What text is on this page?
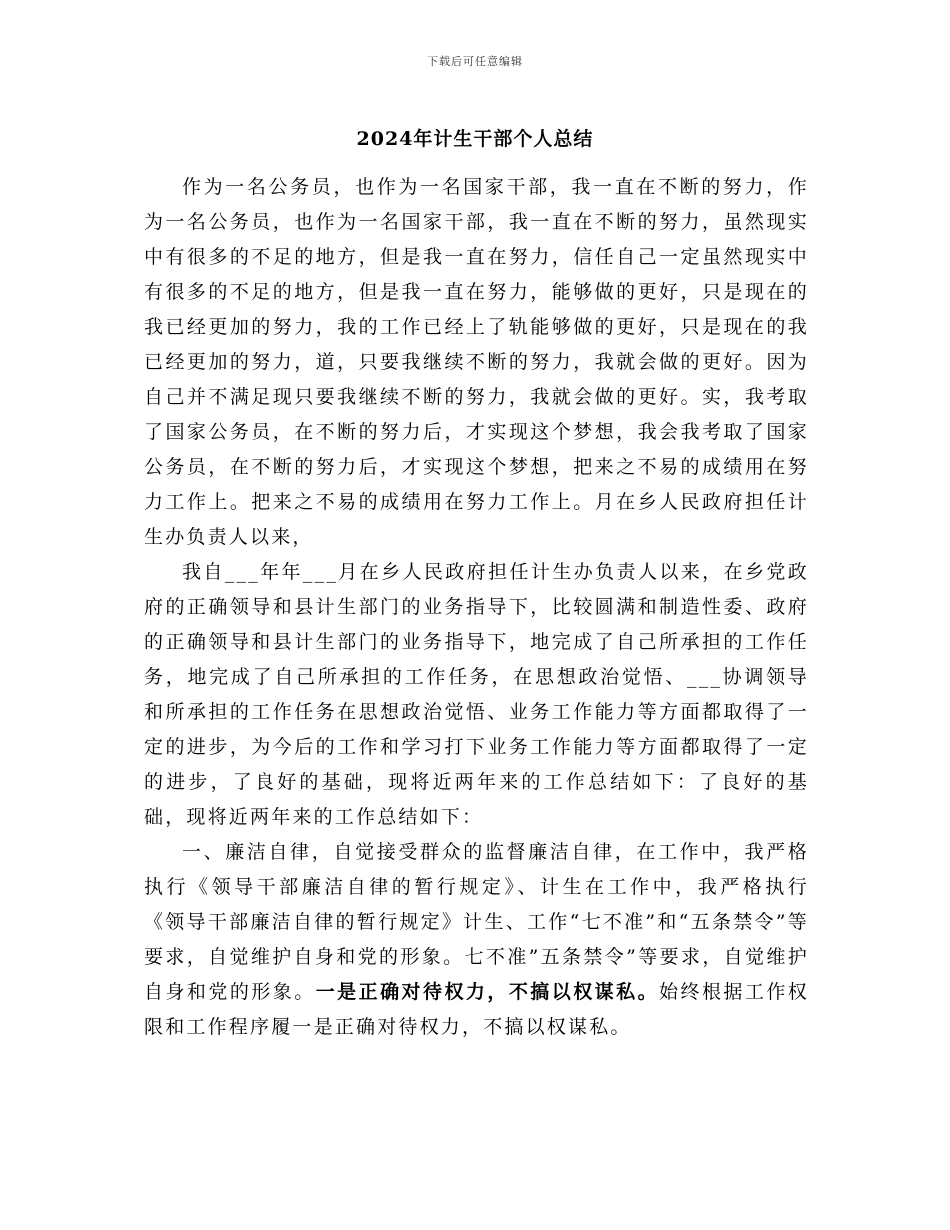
下载后可任意编辑
2024年计生干部个人总结

作为一名公务员，也作为一名国家干部，我一直在不断的努力，作为一名公务员，也作为一名国家干部，我一直在不断的努力，虽然现实中有很多的不足的地方，但是我一直在努力，信任自己一定虽然现实中有很多的不足的地方，但是我一直在努力，能够做的更好，只是现在的我已经更加的努力，我的工作已经上了轨能够做的更好，只是现在的我已经更加的努力，道，只要我继续不断的努力，我就会做的更好。因为自己并不满足现只要我继续不断的努力，我就会做的更好。实，我考取了国家公务员，在不断的努力后，才实现这个梦想，我会我考取了国家公务员，在不断的努力后，才实现这个梦想，把来之不易的成绩用在努力工作上。把来之不易的成绩用在努力工作上。月在乡人民政府担任计生办负责人以来，

我自___年年___月在乡人民政府担任计生办负责人以来，在乡党政府的正确领导和县计生部门的业务指导下，比较圆满和制造性委、政府的正确领导和县计生部门的业务指导下，地完成了自己所承担的工作任务，地完成了自己所承担的工作任务，在思想政治觉悟、___协调领导和所承担的工作任务在思想政治觉悟、业务工作能力等方面都取得了一定的进步，为今后的工作和学习打下业务工作能力等方面都取得了一定的进步，了良好的基础，现将近两年来的工作总结如下：了良好的基础，现将近两年来的工作总结如下：

一、廉洁自律，自觉接受群众的监督廉洁自律，在工作中，我严格执行《领导干部廉洁自律的暂行规定》、计生在工作中，我严格执行《领导干部廉洁自律的暂行规定》计生、工作“七不准”和“五条禁令”等要求，自觉维护自身和党的形象。七不准”五条禁令”等要求，自觉维护自身和党的形象。一是正确对待权力，不搞以权谋私。始终根据工作权限和工作程序履一是正确对待权力，不搞以权谋私。
